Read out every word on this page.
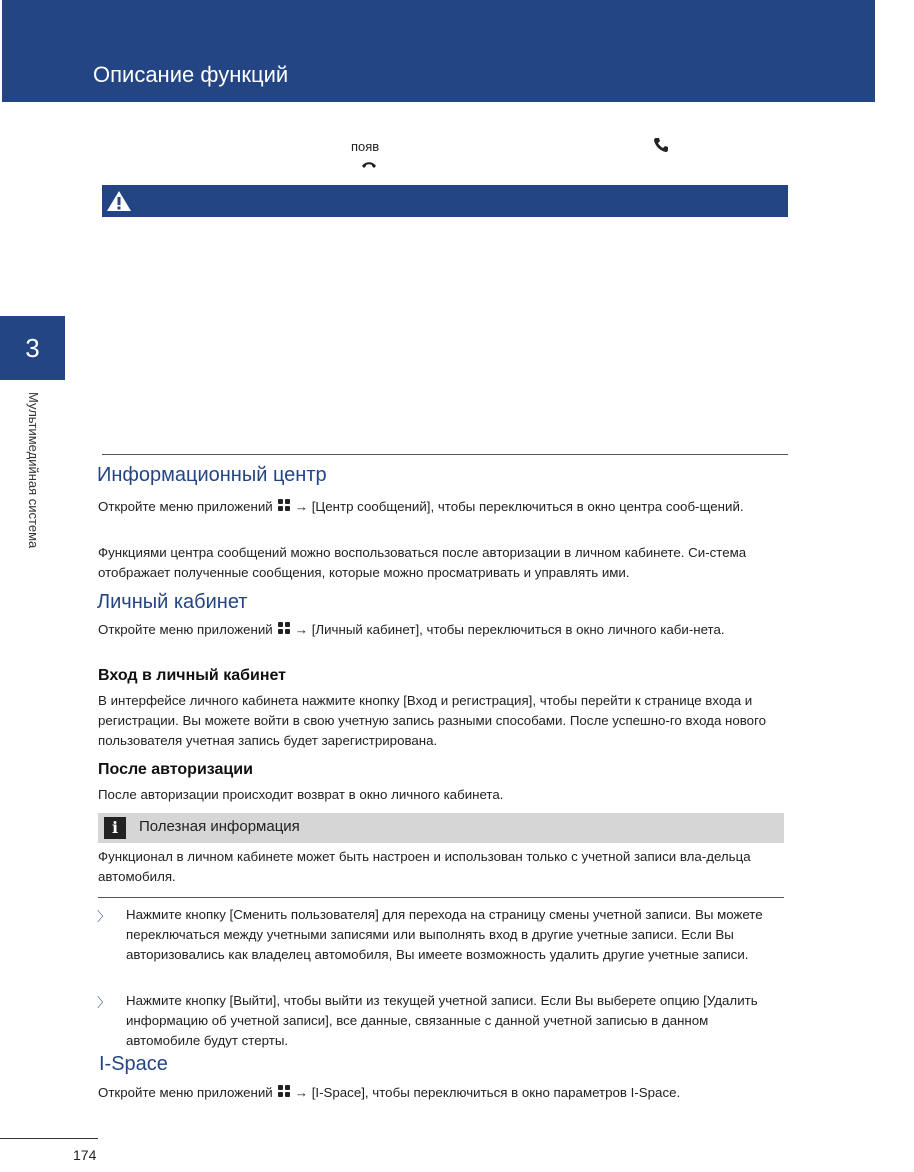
Описание функций
появ
3
Мультимедийная система	Информационный центр
Откройте меню приложений → [Центр сообщений], чтобы переключиться в окно центра сооб-щений.
Функциями центра сообщений можно воспользоваться после авторизации в личном кабинете. Си-стема отображает полученные сообщения, которые можно просматривать и управлять ими.
Личный кабинет
Откройте меню приложений → [Личный кабинет], чтобы переключиться в окно личного каби-нета.
Вход в личный кабинет
В интерфейсе личного кабинета нажмите кнопку [Вход и регистрация], чтобы перейти к странице входа и регистрации. Вы можете войти в свою учетную запись разными способами. После успешно-го входа нового пользователя учетная запись будет зарегистрирована.
После авторизации
После авторизации происходит возврат в окно личного кабинета.
i	Полезная информация
Функционал в личном кабинете может быть настроен и использован только с учетной записи вла-дельца автомобиля.
〉 Нажмите кнопку [Сменить пользователя] для перехода на страницу смены учетной записи. Вы можете переключаться между учетными записями или выполнять вход в другие учетные записи. Если Вы авторизовались как владелец автомобиля, Вы имеете возможность удалить другие учетные записи.
〉 Нажмите кнопку [Выйти], чтобы выйти из текущей учетной записи. Если Вы выберете опцию [Удалить информацию об учетной записи], все данные, связанные с данной учетной записью в данном автомобиле будут стерты.
I-Space
Откройте меню приложений → [I-Space], чтобы переключиться в окно параметров I-Space.
174
